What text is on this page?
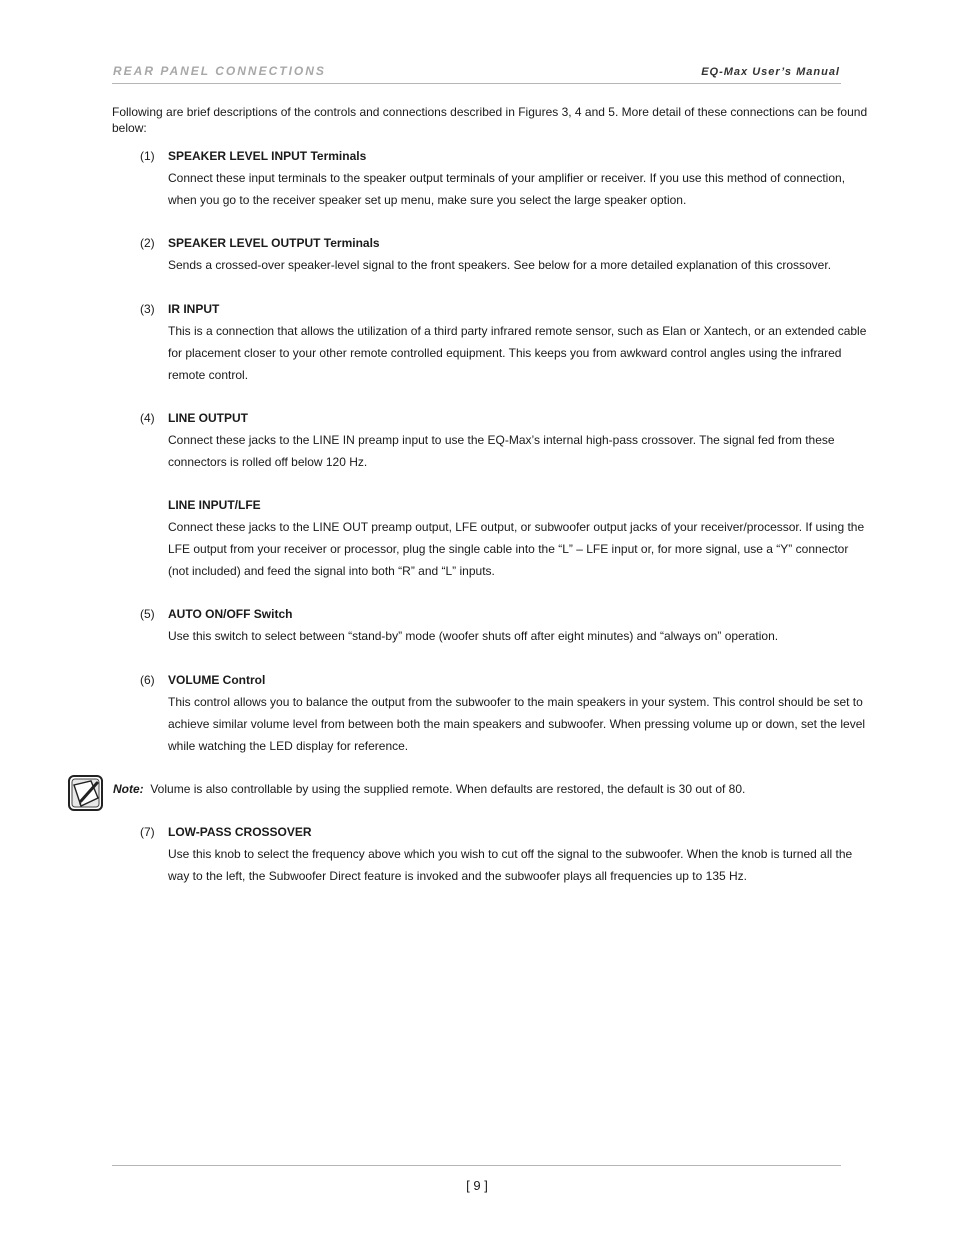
REAR PANEL CONNECTIONS	EQ-Max User’s Manual
Following are brief descriptions of the controls and connections described in Figures 3, 4 and 5. More detail of these connections can be found below:
(1)	SPEAKER LEVEL INPUT Terminals
Connect these input terminals to the speaker output terminals of your amplifier or receiver. If you use this method of connection, when you go to the receiver speaker set up menu, make sure you select the large speaker option.
(2)	SPEAKER LEVEL OUTPUT Terminals
Sends a crossed-over speaker-level signal to the front speakers. See below for a more detailed explanation of this crossover.
(3)	IR INPUT
This is a connection that allows the utilization of a third party infrared remote sensor, such as Elan or Xantech, or an extended cable for placement closer to your other remote controlled equipment. This keeps you from awkward control angles using the infrared remote control.
(4)	LINE OUTPUT
Connect these jacks to the LINE IN preamp input to use the EQ-Max’s internal high-pass crossover. The signal fed from these connectors is rolled off below 120 Hz.
LINE INPUT/LFE
Connect these jacks to the LINE OUT preamp output, LFE output, or subwoofer output jacks of your receiver/processor. If using the LFE output from your receiver or processor, plug the single cable into the “L” – LFE input or, for more signal, use a “Y” connector (not included) and feed the signal into both “R” and “L” inputs.
(5)	AUTO ON/OFF Switch
Use this switch to select between “stand-by” mode (woofer shuts off after eight minutes) and “always on” operation.
(6)	VOLUME Control
This control allows you to balance the output from the subwoofer to the main speakers in your system. This control should be set to achieve similar volume level from between both the main speakers and subwoofer. When pressing volume up or down, set the level while watching the LED display for reference.
Note: Volume is also controllable by using the supplied remote. When defaults are restored, the default is 30 out of 80.
(7)	LOW-PASS CROSSOVER
Use this knob to select the frequency above which you wish to cut off the signal to the subwoofer. When the knob is turned all the way to the left, the Subwoofer Direct feature is invoked and the subwoofer plays all frequencies up to 135 Hz.
[ 9 ]
